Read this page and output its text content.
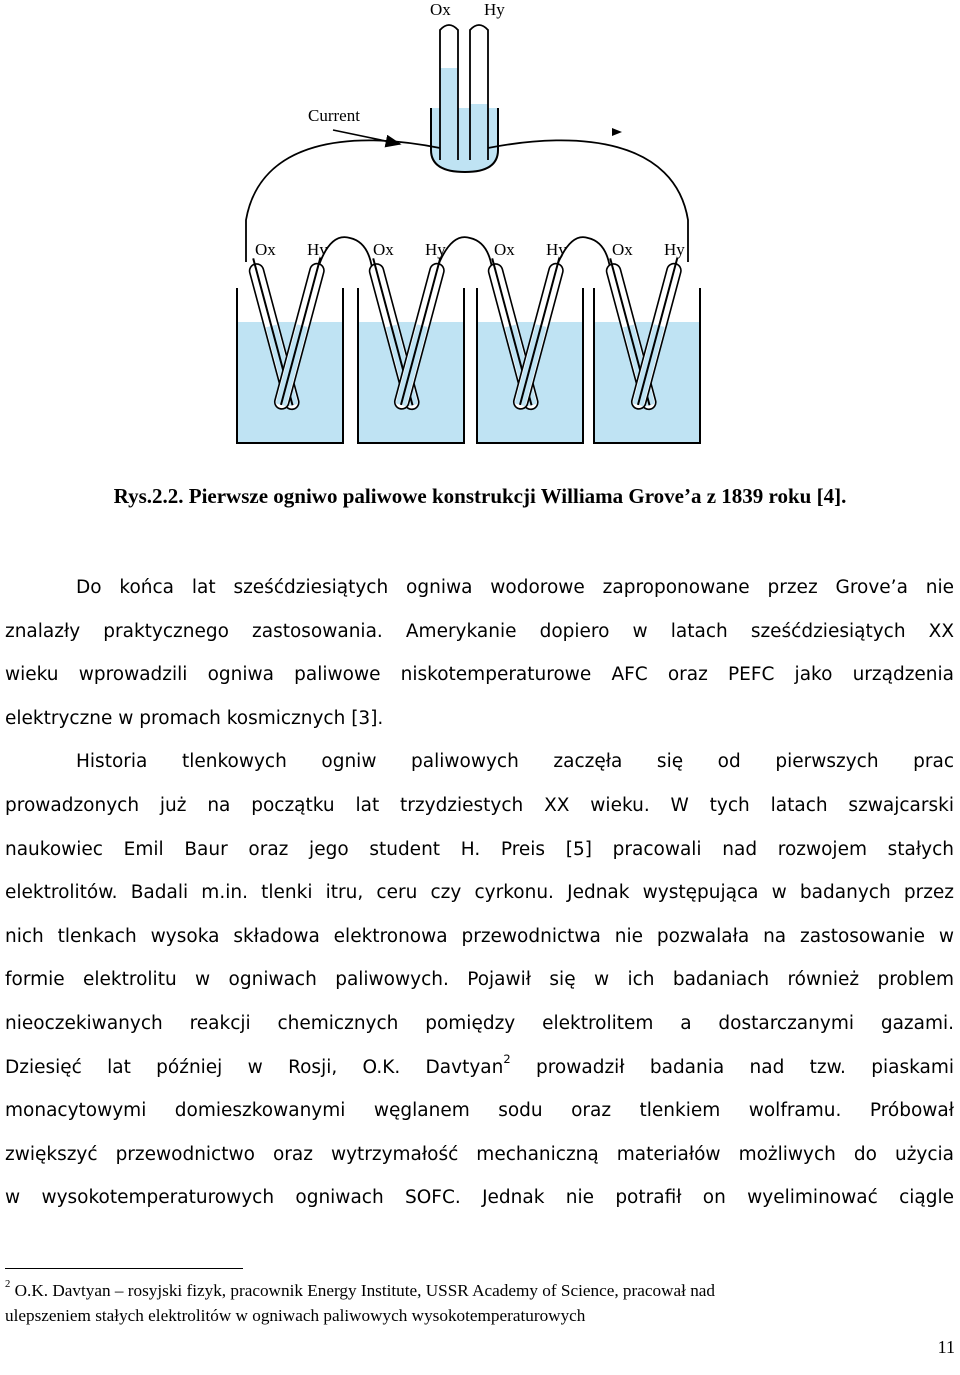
Ox Hy
Current
Ox Hy	Ox Hy	Ox Hy	Ox Hy
Rys.2.2. Pierwsze ogniwo paliwowe konstrukcji Williama Grove’a z 1839 roku [4].

Do końca lat sześćdziesiątych ogniwa wodorowe zaproponowane przez Grove’a nie

znalazły praktycznego zastosowania. Amerykanie dopiero w latach sześćdziesiątych XX

wieku wprowadzili ogniwa paliwowe niskotemperaturowe AFC oraz PEFC jako urządzenia

elektryczne w promach kosmicznych [3].

Historia tlenkowych ogniw paliwowych zaczęła się od pierwszych prac

prowadzonych już na początku lat trzydziestych XX wieku. W tych latach szwajcarski

naukowiec Emil Baur oraz jego student H. Preis [5] pracowali nad rozwojem stałych

elektrolitów. Badali m.in. tlenki itru, ceru czy cyrkonu. Jednak występująca w badanych przez

nich tlenkach wysoka składowa elektronowa przewodnictwa nie pozwalała na zastosowanie w

formie elektrolitu w ogniwach paliwowych. Pojawił się w ich badaniach również problem

nieoczekiwanych reakcji chemicznych pomiędzy elektrolitem a dostarczanymi gazami.

Dziesięć lat później w Rosji, O.K. Davtyan$^2$ prowadził badania nad tzw. piaskami

monacytowymi domieszkowanymi węglanem sodu oraz tlenkiem wolframu. Próbował

zwiększyć przewodnictwo oraz wytrzymałość mechaniczną materiałów możliwych do użycia

w wysokotemperaturowych ogniwach SOFC. Jednak nie potrafił on wyeliminować ciągle

$^2$ O.K. Davtyan – rosyjski fizyk, pracownik Energy Institute, USSR Academy of Science, pracował nad

ulepszeniem stałych elektrolitów w ogniwach paliwowych wysokotemperaturowych

11
